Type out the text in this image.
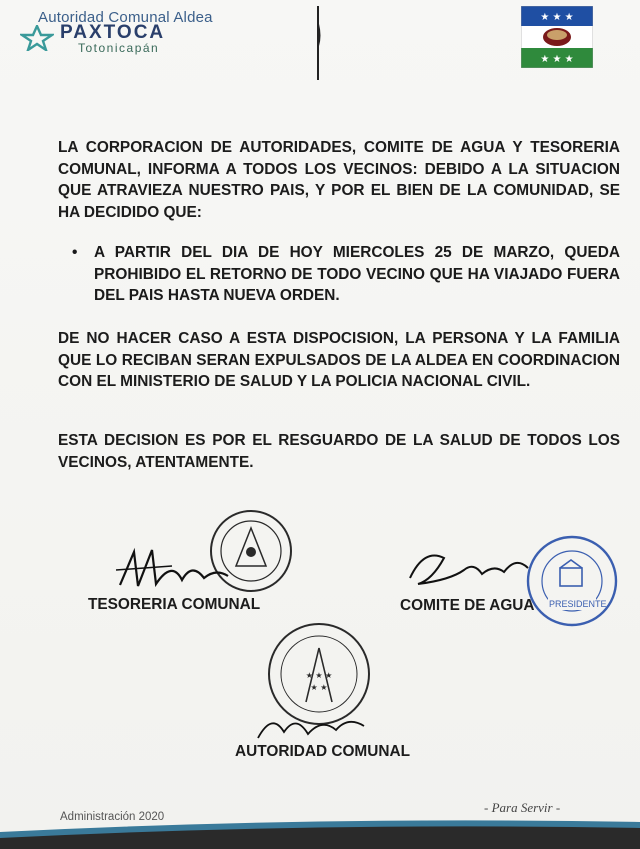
Autoridad Comunal Aldea
PAXTOCA
Totonicapán
★ ★ ★
★ ★ ★
LA CORPORACION DE AUTORIDADES, COMITE DE AGUA Y TESORERIA COMUNAL, INFORMA A TODOS LOS VECINOS: DEBIDO A LA SITUACION QUE ATRAVIEZA NUESTRO PAIS, Y POR EL BIEN DE LA COMUNIDAD, SE HA DECIDIDO QUE:
• A PARTIR DEL DIA DE HOY MIERCOLES 25 DE MARZO, QUEDA PROHIBIDO EL RETORNO DE TODO VECINO QUE HA VIAJADO FUERA DEL PAIS HASTA NUEVA ORDEN.
DE NO HACER CASO A ESTA DISPOCISION, LA PERSONA Y LA FAMILIA QUE LO RECIBAN SERAN EXPULSADOS DE LA ALDEA EN COORDINACION CON EL MINISTERIO DE SALUD Y LA POLICIA NACIONAL CIVIL.
ESTA DECISION ES POR EL RESGUARDO DE LA SALUD DE TODOS LOS VECINOS, ATENTAMENTE.
TESORERIA COMUNAL	PRESIDENTE
COMITE DE AGUA
★ ★ ★
★ ★
AUTORIDAD COMUNAL
- Para Servir -
Administración 2020
